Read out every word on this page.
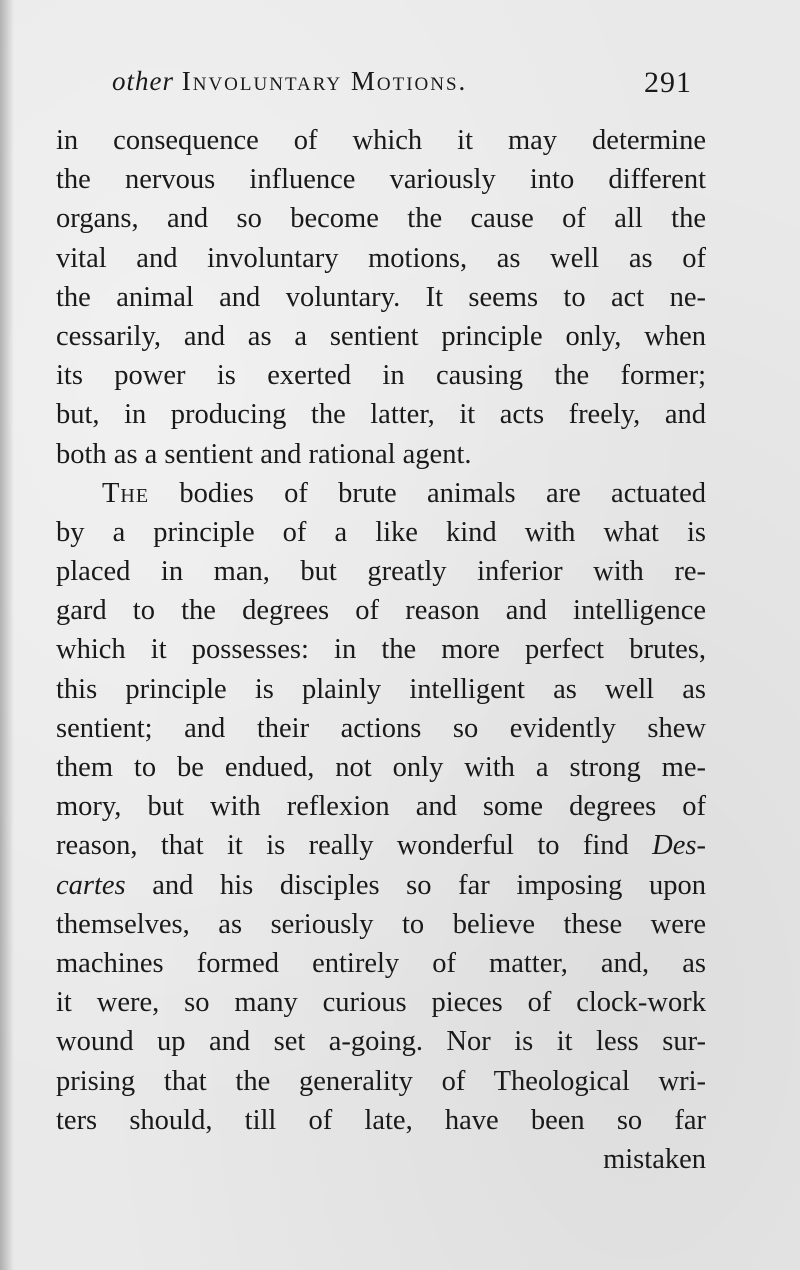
other Involuntary Motions.	291
in consequence of which it may determine
the nervous influence variously into different
organs, and so become the cause of all the
vital and involuntary motions, as well as of
the animal and voluntary. It seems to act ne-
cessarily, and as a sentient principle only, when
its power is exerted in causing the former;
but, in producing the latter, it acts freely, and
both as a sentient and rational agent.
The bodies of brute animals are actuated
by a principle of a like kind with what is
placed in man, but greatly inferior with re-
gard to the degrees of reason and intelligence
which it possesses: in the more perfect brutes,
this principle is plainly intelligent as well as
sentient; and their actions so evidently shew
them to be endued, not only with a strong me-
mory, but with reflexion and some degrees of
reason, that it is really wonderful to find Des-
cartes and his disciples so far imposing upon
themselves, as seriously to believe these were
machines formed entirely of matter, and, as
it were, so many curious pieces of clock-work
wound up and set a-going. Nor is it less sur-
prising that the generality of Theological wri-
ters should, till of late, have been so far
mistaken
